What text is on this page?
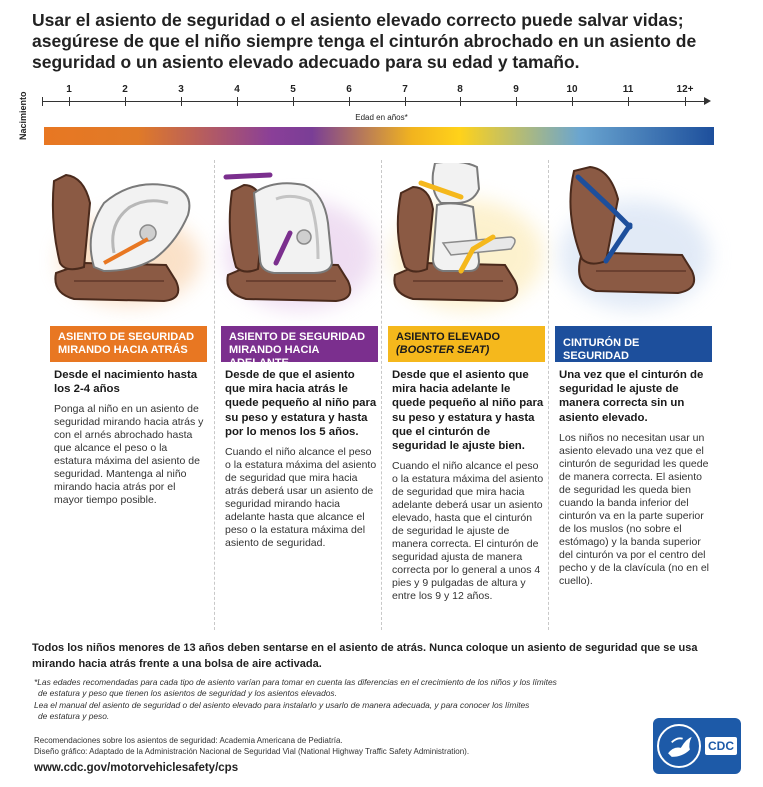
Usar el asiento de seguridad o el asiento elevado correcto puede salvar vidas; asegúrese de que el niño siempre tenga el cinturón abrochado en un asiento de seguridad o un asiento elevado adecuado para su edad y tamaño.
Nacimiento
1	2	3	4	5	6	7	8	9	10	11	12+
Edad en años*
ASIENTO DE SEGURIDAD MIRANDO HACIA ATRÁS
ASIENTO DE SEGURIDAD MIRANDO HACIA ADELANTE
ASIENTO ELEVADO
(BOOSTER SEAT)
CINTURÓN DE SEGURIDAD
Desde el nacimiento hasta los 2-4 años
Ponga al niño en un asiento de seguridad mirando hacia atrás y con el arnés abrochado hasta que alcance el peso o la estatura máxima del asiento de seguridad. Mantenga al niño mirando hacia atrás por el mayor tiempo posible.
Desde de que el asiento que mira hacia atrás le quede pequeño al niño para su peso y estatura y hasta por lo menos los 5 años.
Cuando el niño alcance el peso o la estatura máxima del asiento de seguridad que mira hacia atrás deberá usar un asiento de seguridad mirando hacia adelante hasta que alcance el peso o la estatura máxima del asiento de seguridad.
Desde que el asiento que mira hacia adelante le quede pequeño al niño para su peso y estatura y hasta que el cinturón de seguridad le ajuste bien.
Cuando el niño alcance el peso o la estatura máxima del asiento de seguridad que mira hacia adelante deberá usar un asiento elevado, hasta que el cinturón de seguridad le ajuste de manera correcta. El cinturón de seguridad ajusta de manera correcta por lo general a unos 4 pies y 9 pulgadas de altura y entre los 9 y 12 años.
Una vez que el cinturón de seguridad le ajuste de manera correcta sin un asiento elevado.
Los niños no necesitan usar un asiento elevado una vez que el cinturón de seguridad les quede de manera correcta. El asiento de seguridad les queda bien cuando la banda inferior del cinturón va en la parte superior de los muslos (no sobre el estómago) y la banda superior del cinturón va por el centro del pecho y de la clavícula (no en el cuello).
Todos los niños menores de 13 años deben sentarse en el asiento de atrás. Nunca coloque un asiento de seguridad que se usa mirando hacia atrás frente a una bolsa de aire activada.

*Las edades recomendadas para cada tipo de asiento varían para tomar en cuenta las diferencias en el crecimiento de los niños y los límites

de estatura y peso que tienen los asientos de seguridad y los asientos elevados.

Lea el manual del asiento de seguridad o del asiento elevado para instalarlo y usarlo de manera adecuada, y para conocer los límites

de estatura y peso.

Recomendaciones sobre los asientos de seguridad: Academia Americana de Pediatría.

Diseño gráfico: Adaptado de la Administración Nacional de Seguridad Vial (National Highway Traffic Safety Administration).

www.cdc.gov/motorvehiclesafety/cps
CDC
